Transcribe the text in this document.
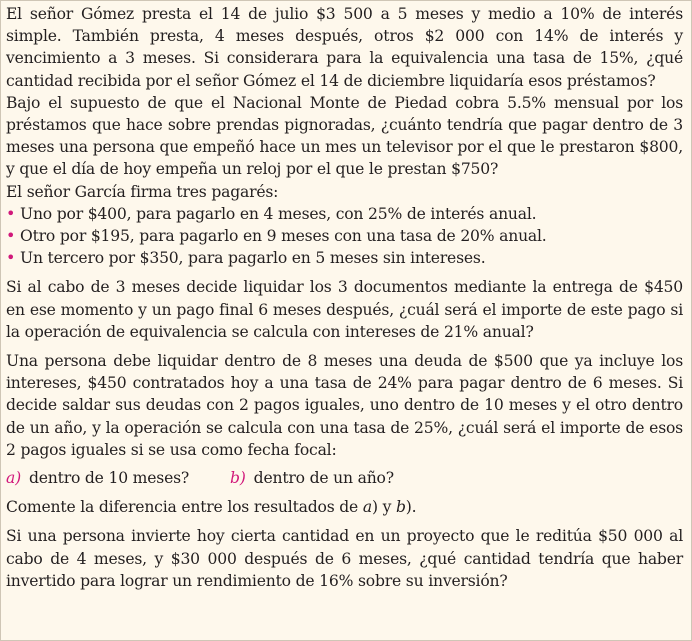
El señor Gómez presta el 14 de julio $3 500 a 5 meses y medio a 10% de interés simple. También presta, 4 meses después, otros $2 000 con 14% de interés y vencimiento a 3 meses. Si considerara para la equivalencia una tasa de 15%, ¿qué cantidad recibida por el señor Gómez el 14 de diciembre liquidaría esos préstamos?

Bajo el supuesto de que el Nacional Monte de Piedad cobra 5.5% mensual por los préstamos que hace sobre prendas pignoradas, ¿cuánto tendría que pagar dentro de 3 meses una persona que empeñó hace un mes un televisor por el que le prestaron $800, y que el día de hoy empeña un reloj por el que le prestan $750?

El señor García firma tres pagarés:

• Uno por $400, para pagarlo en 4 meses, con 25% de interés anual.
• Otro por $195, para pagarlo en 9 meses con una tasa de 20% anual.
• Un tercero por $350, para pagarlo en 5 meses sin intereses.

Si al cabo de 3 meses decide liquidar los 3 documentos mediante la entrega de $450 en ese momento y un pago final 6 meses después, ¿cuál será el importe de este pago si la operación de equivalencia se calcula con intereses de 21% anual?

Una persona debe liquidar dentro de 8 meses una deuda de $500 que ya incluye los intereses, $450 contratados hoy a una tasa de 24% para pagar dentro de 6 meses. Si decide saldar sus deudas con 2 pagos iguales, uno dentro de 10 meses y el otro dentro de un año, y la operación se calcula con una tasa de 25%, ¿cuál será el importe de esos 2 pagos iguales si se usa como fecha focal:

a) dentro de 10 meses?	b) dentro de un año?

Comente la diferencia entre los resultados de a) y b).

Si una persona invierte hoy cierta cantidad en un proyecto que le reditúa $50 000 al cabo de 4 meses, y $30 000 después de 6 meses, ¿qué cantidad tendría que haber invertido para lograr un rendimiento de 16% sobre su inversión?
